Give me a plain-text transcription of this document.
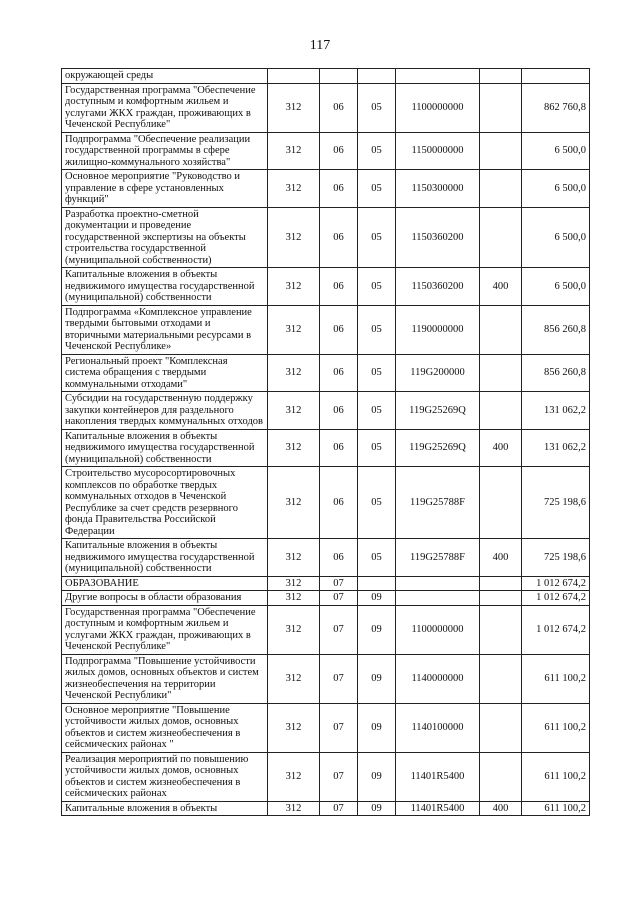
117
окружающей среды						
Государственная программа "Обеспечение доступным и комфортным жильем и услугами ЖКХ граждан, проживающих в Чеченской Республике"	312	06	05	1100000000		862 760,8
Подпрограмма "Обеспечение реализации государственной программы в сфере жилищно-коммунального хозяйства"	312	06	05	1150000000		6 500,0
Основное мероприятие "Руководство и управление в сфере установленных функций"	312	06	05	1150300000		6 500,0
Разработка проектно-сметной документации и проведение государственной экспертизы на объекты строительства государственной (муниципальной собственности)	312	06	05	1150360200		6 500,0
Капитальные вложения в объекты недвижимого имущества государственной (муниципальной) собственности	312	06	05	1150360200	400	6 500,0
Подпрограмма «Комплексное управление твердыми бытовыми отходами и вторичными материальными ресурсами в Чеченской Республике»	312	06	05	1190000000		856 260,8
Региональный проект "Комплексная система обращения с твердыми коммунальными отходами"	312	06	05	119G200000		856 260,8
Субсидии на государственную поддержку закупки контейнеров для раздельного накопления твердых коммунальных отходов	312	06	05	119G25269Q		131 062,2
Капитальные вложения в объекты недвижимого имущества государственной (муниципальной) собственности	312	06	05	119G25269Q	400	131 062,2
Строительство мусоросортировочных комплексов по обработке твердых коммунальных отходов в Чеченской Республике за счет средств резервного фонда Правительства Российской Федерации	312	06	05	119G25788F		725 198,6
Капитальные вложения в объекты недвижимого имущества государственной (муниципальной) собственности	312	06	05	119G25788F	400	725 198,6
ОБРАЗОВАНИЕ	312	07				1 012 674,2
Другие вопросы в области образования	312	07	09			1 012 674,2
Государственная программа "Обеспечение доступным и комфортным жильем и услугами ЖКХ граждан, проживающих в Чеченской Республике"	312	07	09	1100000000		1 012 674,2
Подпрограмма "Повышение устойчивости жилых домов, основных объектов и систем жизнеобеспечения на территории Чеченской Республики"	312	07	09	1140000000		611 100,2
Основное мероприятие "Повышение устойчивости жилых домов, основных объектов и систем жизнеобеспечения в сейсмических районах "	312	07	09	1140100000		611 100,2
Реализация мероприятий по повышению устойчивости жилых домов, основных объектов и систем жизнеобеспечения в сейсмических районах	312	07	09	11401R5400		611 100,2
Капитальные вложения в объекты	312	07	09	11401R5400	400	611 100,2
